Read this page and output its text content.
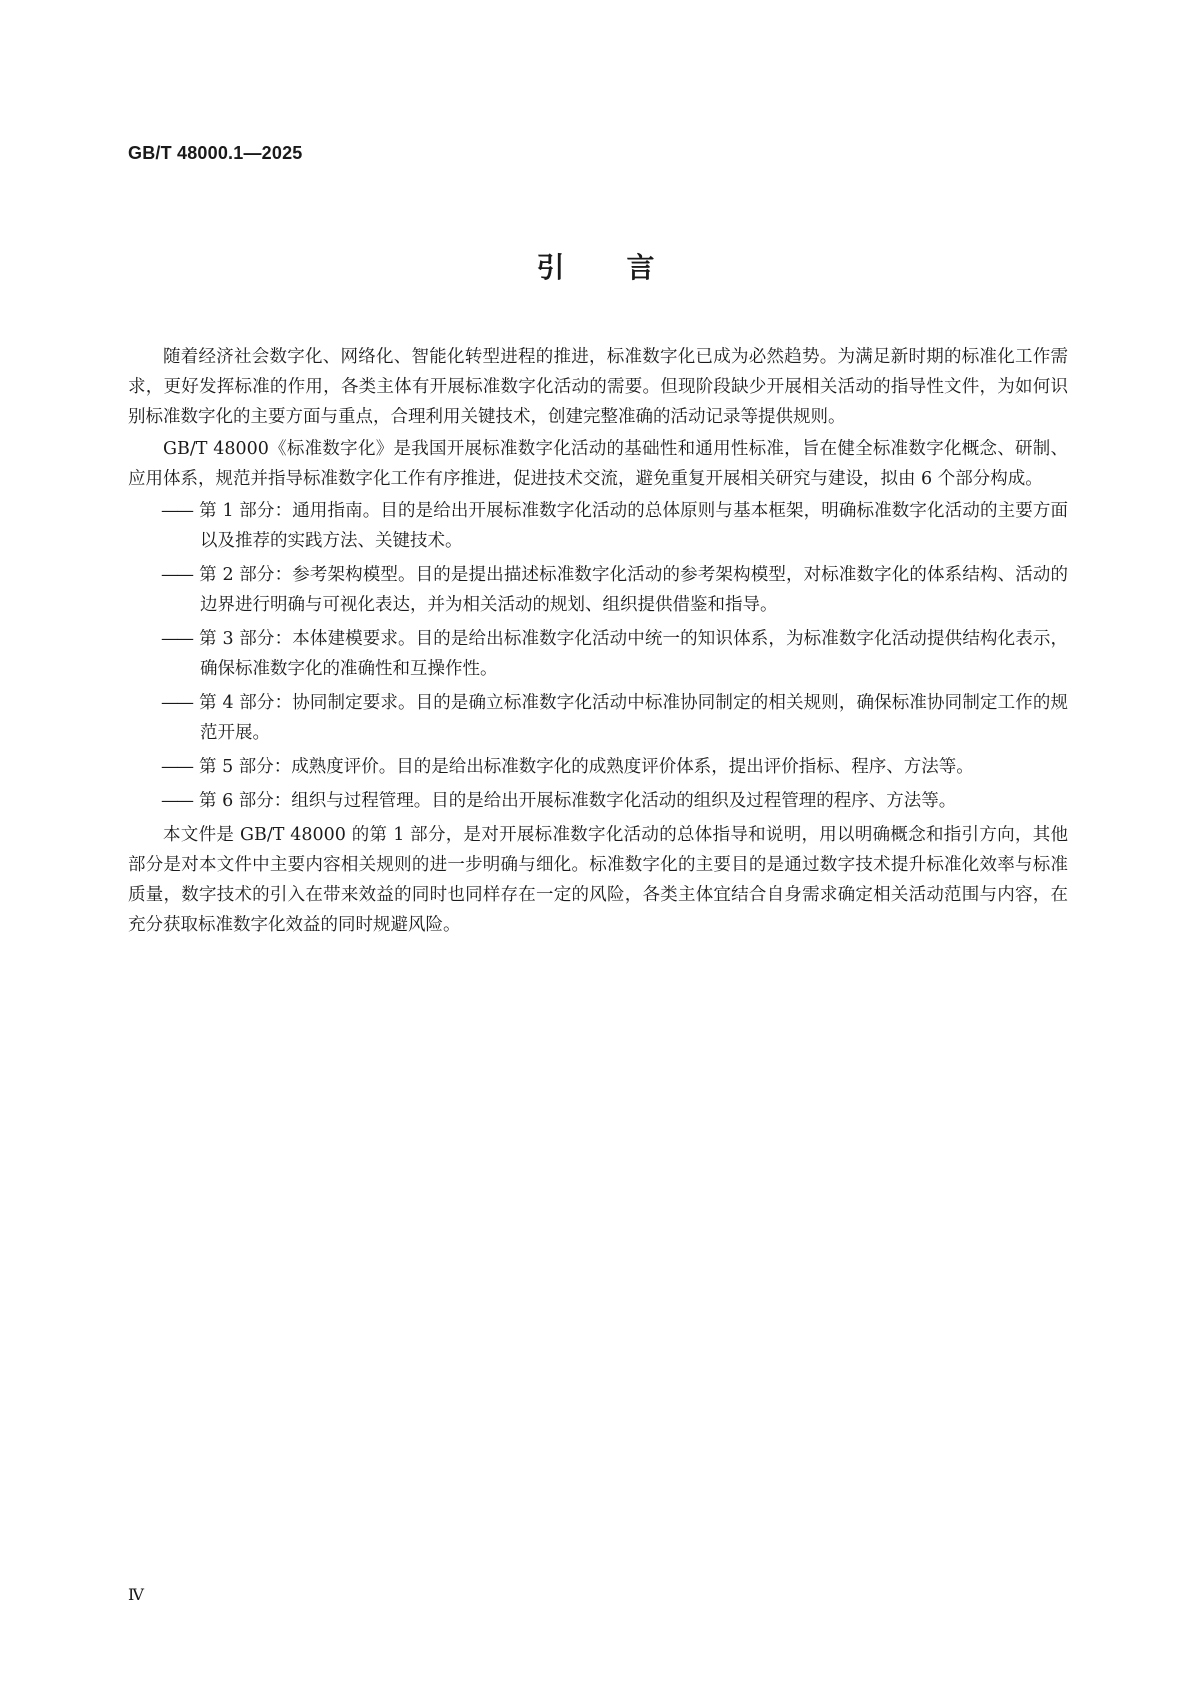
GB/T 48000.1—2025
引言

随着经济社会数字化、网络化、智能化转型进程的推进，标准数字化已成为必然趋势。为满足新时期的标准化工作需求，更好发挥标准的作用，各类主体有开展标准数字化活动的需要。但现阶段缺少开展相关活动的指导性文件，为如何识别标准数字化的主要方面与重点，合理利用关键技术，创建完整准确的活动记录等提供规则。

GB/T 48000《标准数字化》是我国开展标准数字化活动的基础性和通用性标准，旨在健全标准数字化概念、研制、应用体系，规范并指导标准数字化工作有序推进，促进技术交流，避免重复开展相关研究与建设，拟由 6 个部分构成。

—— 第 1 部分：通用指南。目的是给出开展标准数字化活动的总体原则与基本框架，明确标准数字化活动的主要方面以及推荐的实践方法、关键技术。
—— 第 2 部分：参考架构模型。目的是提出描述标准数字化活动的参考架构模型，对标准数字化的体系结构、活动的边界进行明确与可视化表达，并为相关活动的规划、组织提供借鉴和指导。
—— 第 3 部分：本体建模要求。目的是给出标准数字化活动中统一的知识体系，为标准数字化活动提供结构化表示，确保标准数字化的准确性和互操作性。
—— 第 4 部分：协同制定要求。目的是确立标准数字化活动中标准协同制定的相关规则，确保标准协同制定工作的规范开展。
—— 第 5 部分：成熟度评价。目的是给出标准数字化的成熟度评价体系，提出评价指标、程序、方法等。
—— 第 6 部分：组织与过程管理。目的是给出开展标准数字化活动的组织及过程管理的程序、方法等。

本文件是 GB/T 48000 的第 1 部分，是对开展标准数字化活动的总体指导和说明，用以明确概念和指引方向，其他部分是对本文件中主要内容相关规则的进一步明确与细化。标准数字化的主要目的是通过数字技术提升标准化效率与标准质量，数字技术的引入在带来效益的同时也同样存在一定的风险，各类主体宜结合自身需求确定相关活动范围与内容，在充分获取标准数字化效益的同时规避风险。

Ⅳ
